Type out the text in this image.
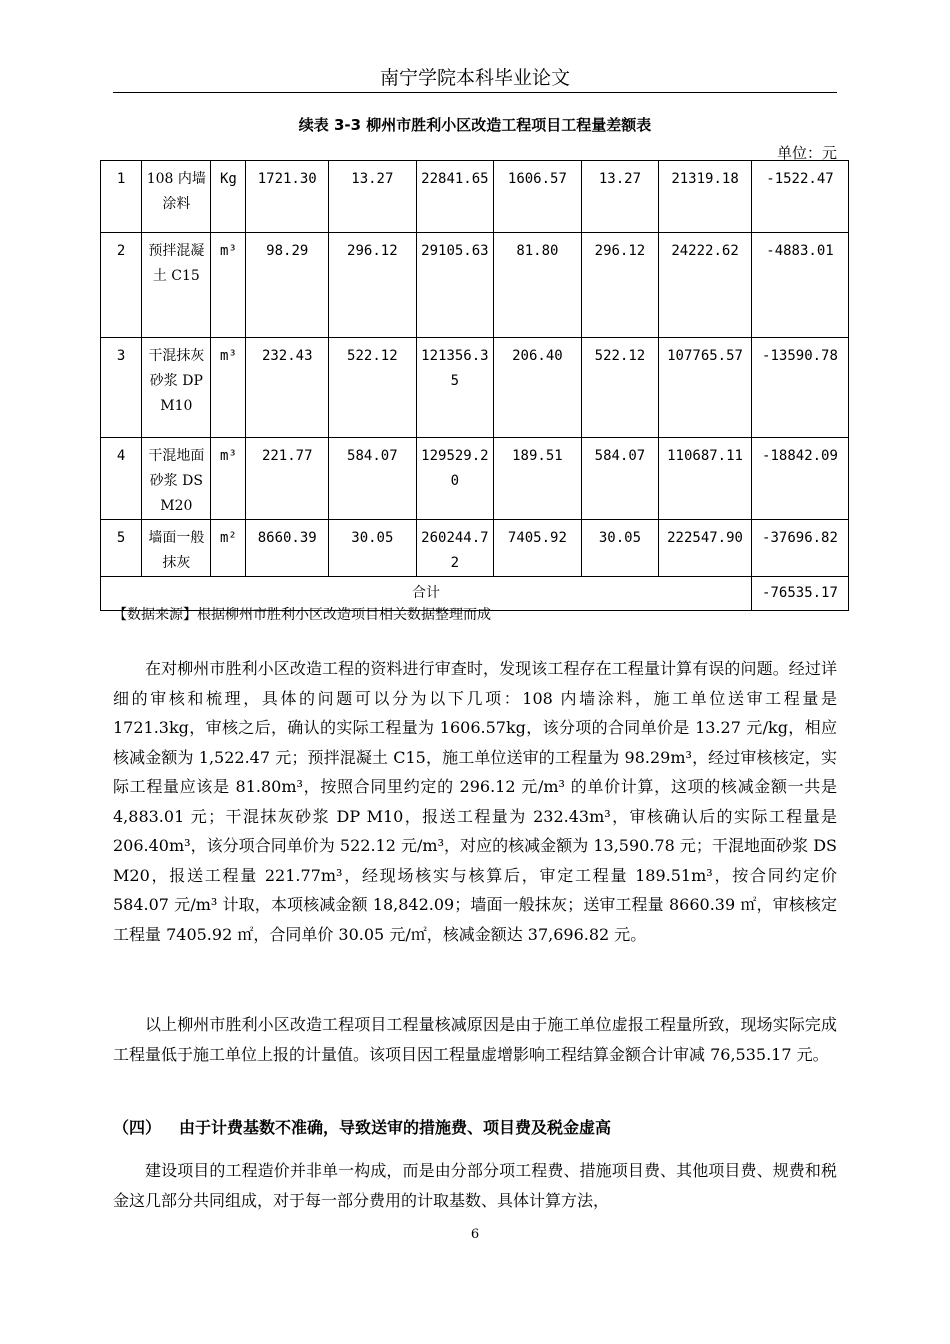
南宁学院本科毕业论文
续表 3-3 柳州市胜利小区改造工程项目工程量差额表
单位：元
1	108 内墙涂料	Kg	1721.30	13.27	22841.65	1606.57	13.27	21319.18	-1522.47
2	预拌混凝土 C15	m³	98.29	296.12	29105.63	81.80	296.12	24222.62	-4883.01
3	干混抹灰砂浆 DP M10	m³	232.43	522.12	121356.35	206.40	522.12	107765.57	-13590.78
4	干混地面砂浆 DS M20	m³	221.77	584.07	129529.20	189.51	584.07	110687.11	-18842.09
5	墙面一般抹灰	m²	8660.39	30.05	260244.72	7405.92	30.05	222547.90	-37696.82
合计									-76535.17
【数据来源】根据柳州市胜利小区改造项目相关数据整理而成

在对柳州市胜利小区改造工程的资料进行审查时，发现该工程存在工程量计算有误的问题。经过详细的审核和梳理，具体的问题可以分为以下几项：108 内墙涂料，施工单位送审工程量是 1721.3kg，审核之后，确认的实际工程量为 1606.57kg，该分项的合同单价是 13.27 元/kg，相应核减金额为 1,522.47 元；预拌混凝土 C15，施工单位送审的工程量为 98.29m³，经过审核核定，实际工程量应该是 81.80m³，按照合同里约定的 296.12 元/m³ 的单价计算，这项的核减金额一共是 4,883.01 元；干混抹灰砂浆 DP M10，报送工程量为 232.43m³，审核确认后的实际工程量是 206.40m³，该分项合同单价为 522.12 元/m³，对应的核减金额为 13,590.78 元；干混地面砂浆 DS M20，报送工程量 221.77m³，经现场核实与核算后，审定工程量 189.51m³，按合同约定价 584.07 元/m³ 计取，本项核减金额 18,842.09；墙面一般抹灰；送审工程量 8660.39 ㎡，审核核定工程量 7405.92 ㎡，合同单价 30.05 元/㎡，核减金额达 37,696.82 元。

以上柳州市胜利小区改造工程项目工程量核减原因是由于施工单位虚报工程量所致，现场实际完成工程量低于施工单位上报的计量值。该项目因工程量虚增影响工程结算金额合计审减 76,535.17 元。

（四） 由于计费基数不准确，导致送审的措施费、项目费及税金虚高

建设项目的工程造价并非单一构成，而是由分部分项工程费、措施项目费、其他项目费、规费和税金这几部分共同组成，对于每一部分费用的计取基数、具体计算方法，

6
